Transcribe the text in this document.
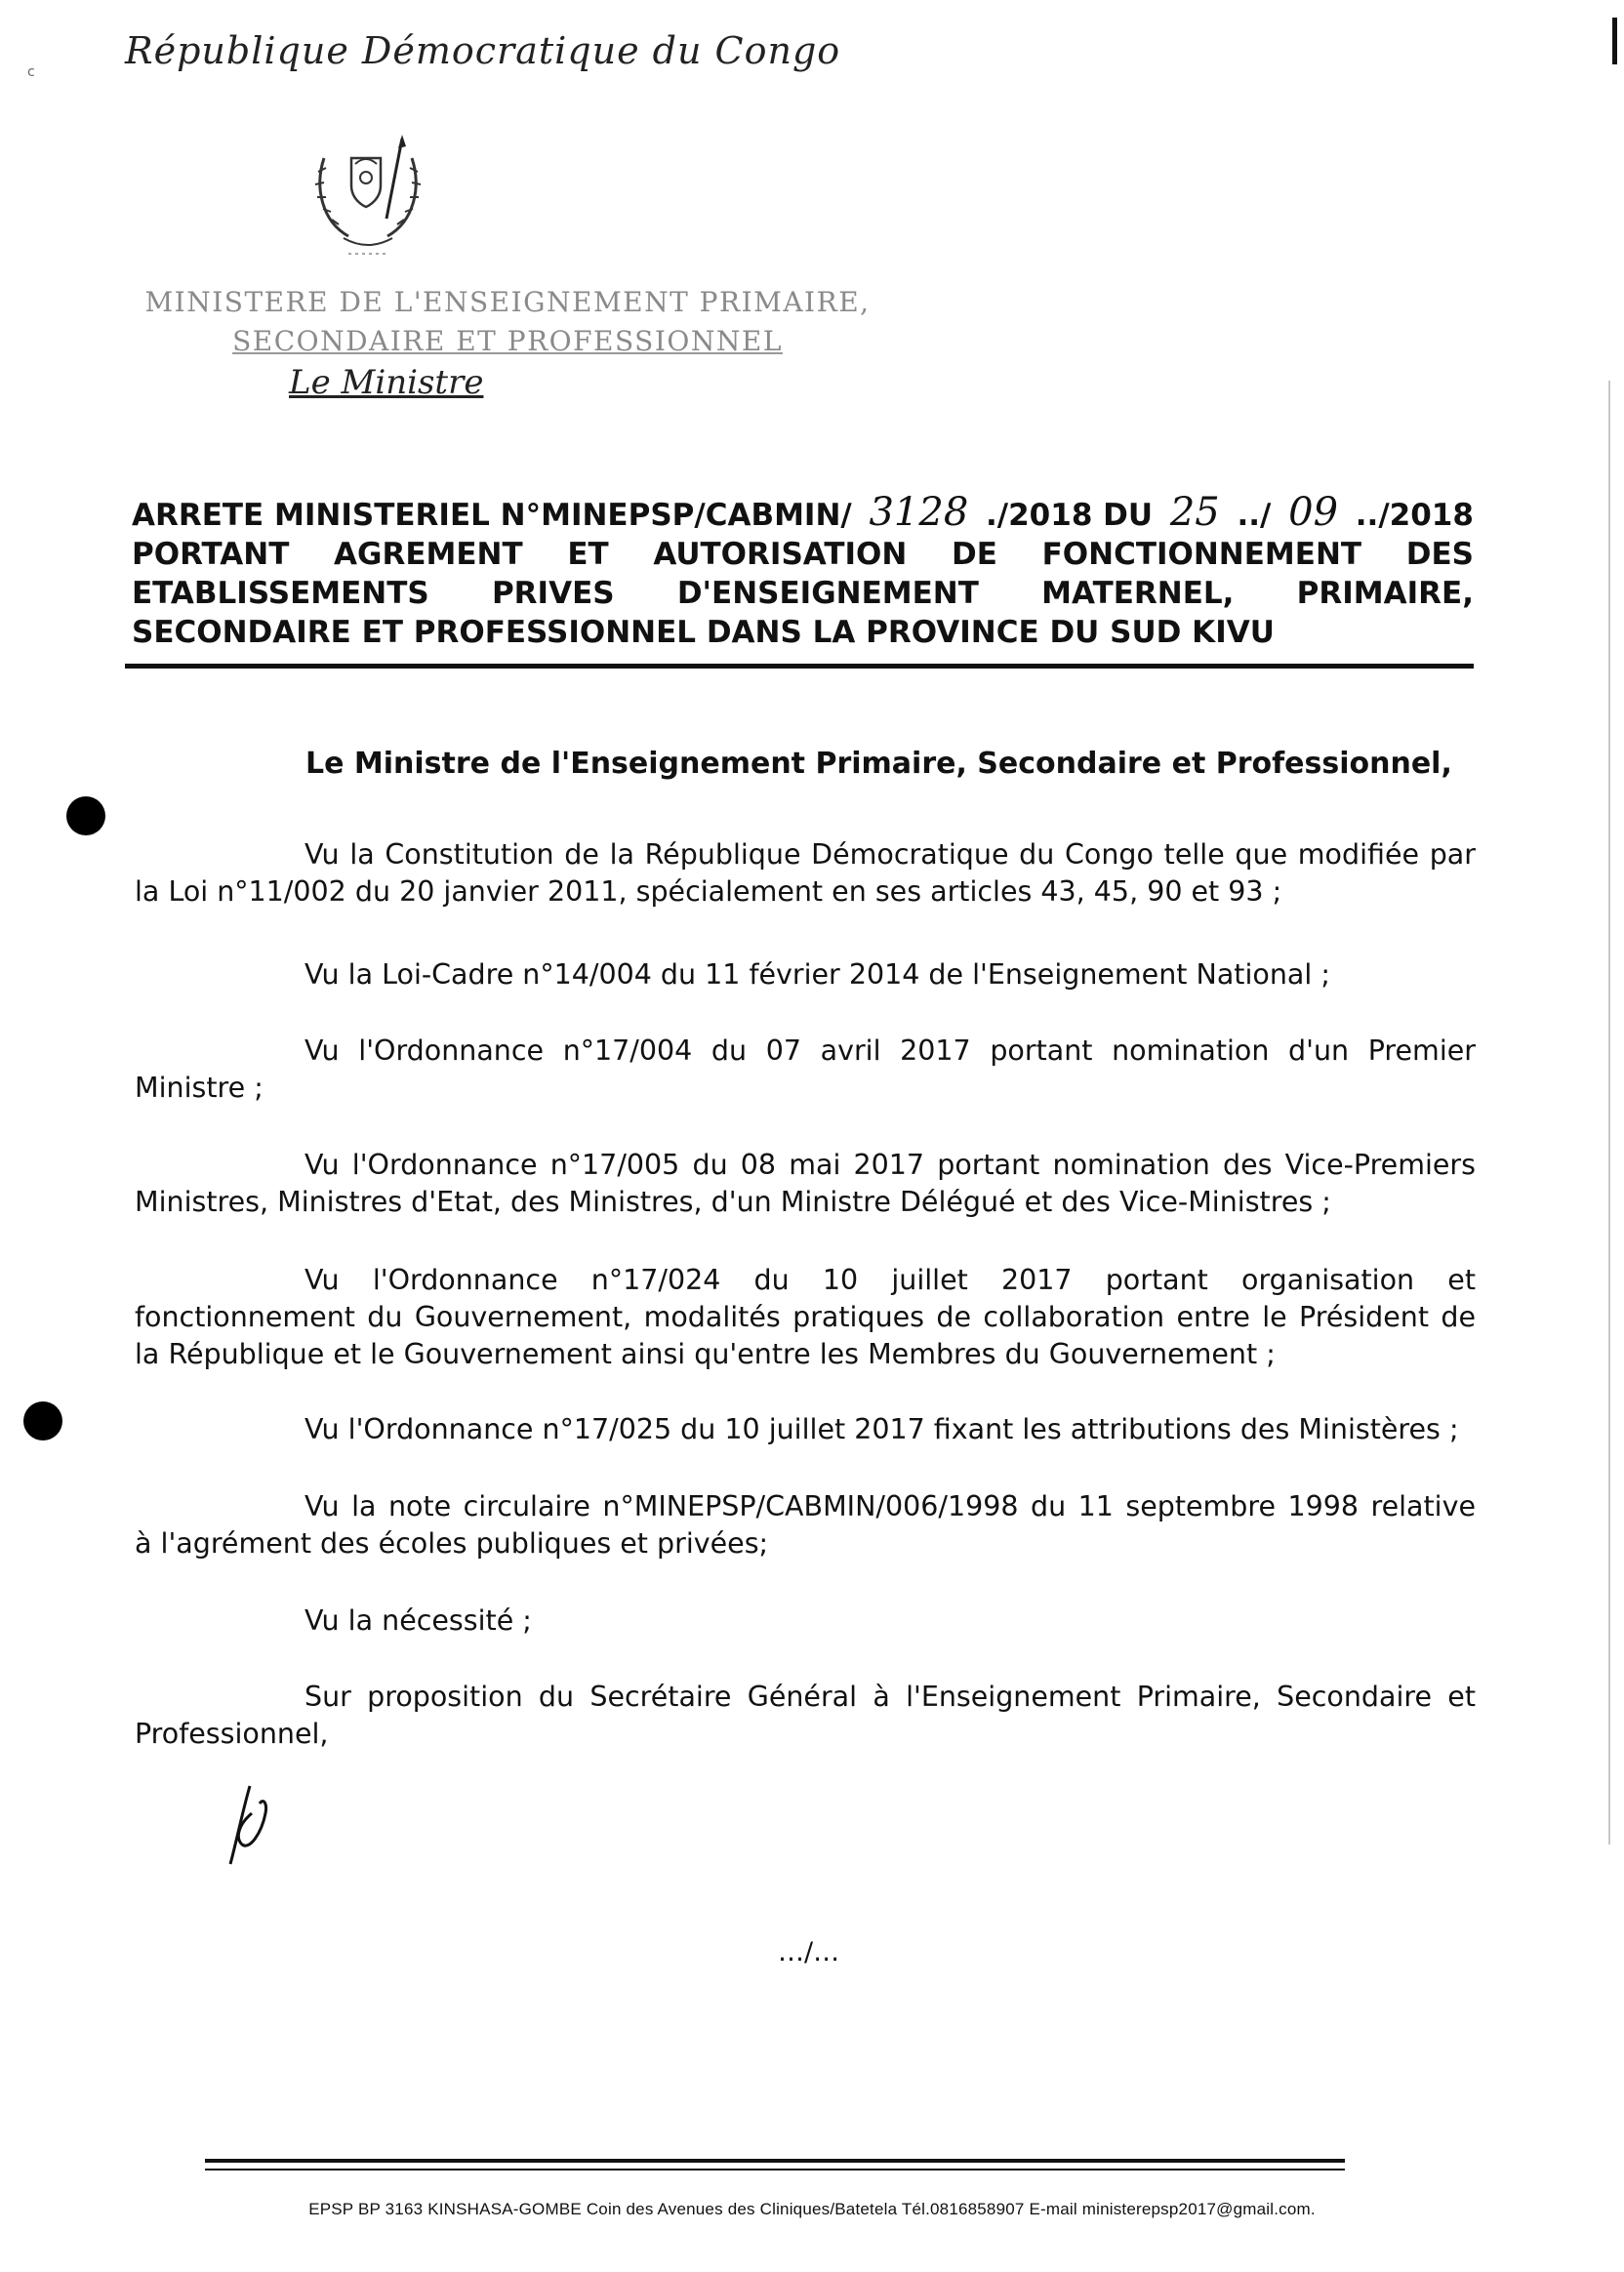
c République Démocratique du Congo
MINISTERE DE L'ENSEIGNEMENT PRIMAIRE,
SECONDAIRE ET PROFESSIONNEL
Le Ministre
ARRETE MINISTERIEL N°MINEPSP/CABMIN/ 3128 ./2018 DU 25 ../ 09 ../2018
PORTANT AGREMENT ET AUTORISATION DE FONCTIONNEMENT DES
ETABLISSEMENTS PRIVES D'ENSEIGNEMENT MATERNEL, PRIMAIRE,
SECONDAIRE ET PROFESSIONNEL DANS LA PROVINCE DU SUD KIVU
Le Ministre de l'Enseignement Primaire, Secondaire et Professionnel,
Vu la Constitution de la République Démocratique du Congo telle que modifiée par
la Loi n°11/002 du 20 janvier 2011, spécialement en ses articles 43, 45, 90 et 93 ;
Vu la Loi-Cadre n°14/004 du 11 février 2014 de l'Enseignement National ;
Vu l'Ordonnance n°17/004 du 07 avril 2017 portant nomination d'un Premier
Ministre ;
Vu l'Ordonnance n°17/005 du 08 mai 2017 portant nomination des Vice-Premiers
Ministres, Ministres d'Etat, des Ministres, d'un Ministre Délégué et des Vice-Ministres ;
Vu l'Ordonnance n°17/024 du 10 juillet 2017 portant organisation et
fonctionnement du Gouvernement, modalités pratiques de collaboration entre le Président de
la République et le Gouvernement ainsi qu'entre les Membres du Gouvernement ;
Vu l'Ordonnance n°17/025 du 10 juillet 2017 fixant les attributions des Ministères ;
Vu la note circulaire n°MINEPSP/CABMIN/006/1998 du 11 septembre 1998 relative
à l'agrément des écoles publiques et privées;
Vu la nécessité ;
Sur proposition du Secrétaire Général à l'Enseignement Primaire, Secondaire et
Professionnel,
…/…
EPSP BP 3163 KINSHASA-GOMBE Coin des Avenues des Cliniques/Batetela Tél.0816858907 E-mail ministerepsp2017@gmail.com.
